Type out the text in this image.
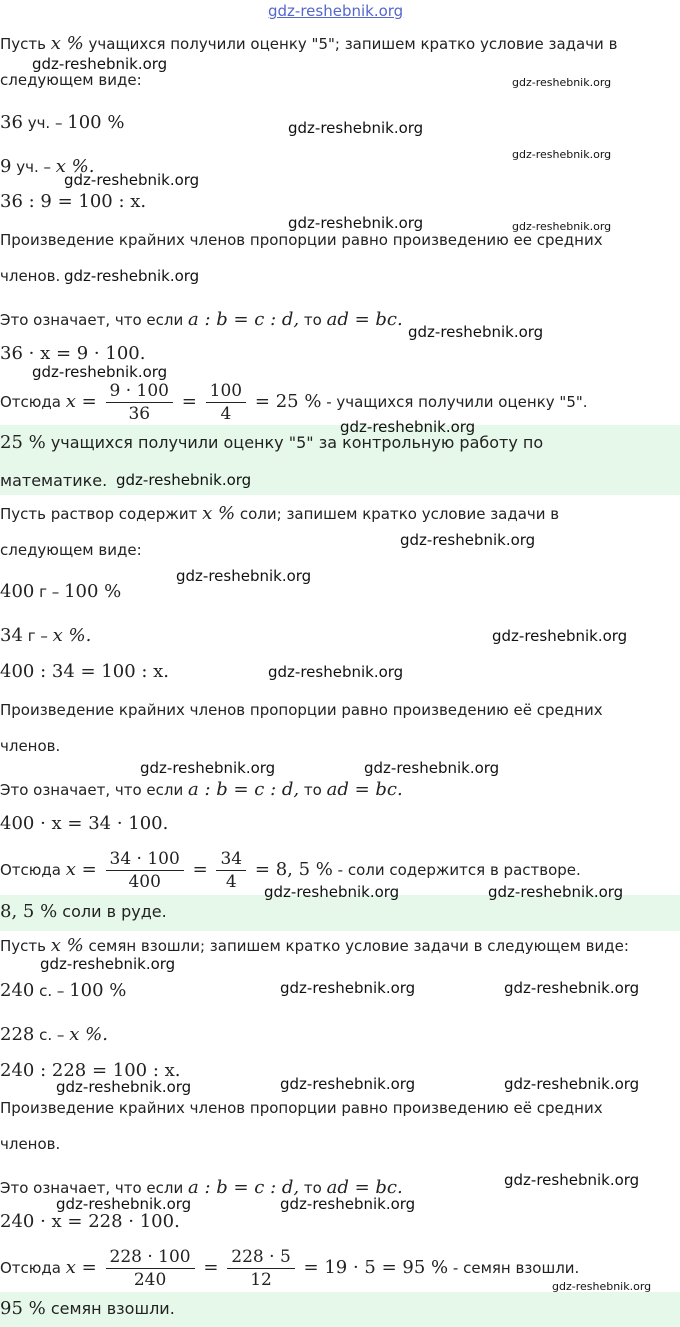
gdz-reshebnik.org
Пусть x % учащихся получили оценку "5"; запишем кратко условие задачи в
следующем виде:
36 уч. – 100 %
9 уч. – x %.
36 : 9 = 100 : x.
Произведение крайних членов пропорции равно произведению ее средних
членов.
Это означает, что если a : b = c : d, то ad = bc.
36 · x = 9 · 100.
Отсюда $x = \frac{9 \cdot 100}{36} = \frac{100}{4} = 25$ % - учащихся получили оценку "5".
25 % учащихся получили оценку "5" за контрольную работу по
математике.
Пусть раствор содержит x % соли; запишем кратко условие задачи в
следующем виде:
400 г – 100 %
34 г – x %.
400 : 34 = 100 : x.
Произведение крайних членов пропорции равно произведению её средних
членов.
Это означает, что если a : b = c : d, то ad = bc.
400 · x = 34 · 100.
Отсюда $x = \frac{34 \cdot 100}{400} = \frac{34}{4} = 8$, 5 % - соли содержится в растворе.
8, 5 % соли в руде.
Пусть x % семян взошли; запишем кратко условие задачи в следующем виде:
240 с. – 100 %
228 с. – x %.
240 : 228 = 100 : x.
Произведение крайних членов пропорции равно произведению её средних
членов.
Это означает, что если a : b = c : d, то ad = bc.
240 · x = 228 · 100.
Отсюда $x = \frac{228 \cdot 100}{240} = \frac{228 \cdot 5}{12} = 19 \cdot 5 = 95$ % - семян взошли.
95 % семян взошли.
gdz-reshebnik.org
gdz-reshebnik.org
gdz-reshebnik.org
gdz-reshebnik.org
gdz-reshebnik.org
gdz-reshebnik.org	gdz-reshebnik.org
gdz-reshebnik.org
gdz-reshebnik.org
gdz-reshebnik.org
gdz-reshebnik.org
gdz-reshebnik.org
gdz-reshebnik.org
gdz-reshebnik.org
gdz-reshebnik.org
gdz-reshebnik.org
gdz-reshebnik.org	gdz-reshebnik.org
gdz-reshebnik.org	gdz-reshebnik.org
gdz-reshebnik.org
gdz-reshebnik.org	gdz-reshebnik.org
gdz-reshebnik.org	gdz-reshebnik.org	gdz-reshebnik.org
gdz-reshebnik.org
gdz-reshebnik.org	gdz-reshebnik.org
gdz-reshebnik.org
